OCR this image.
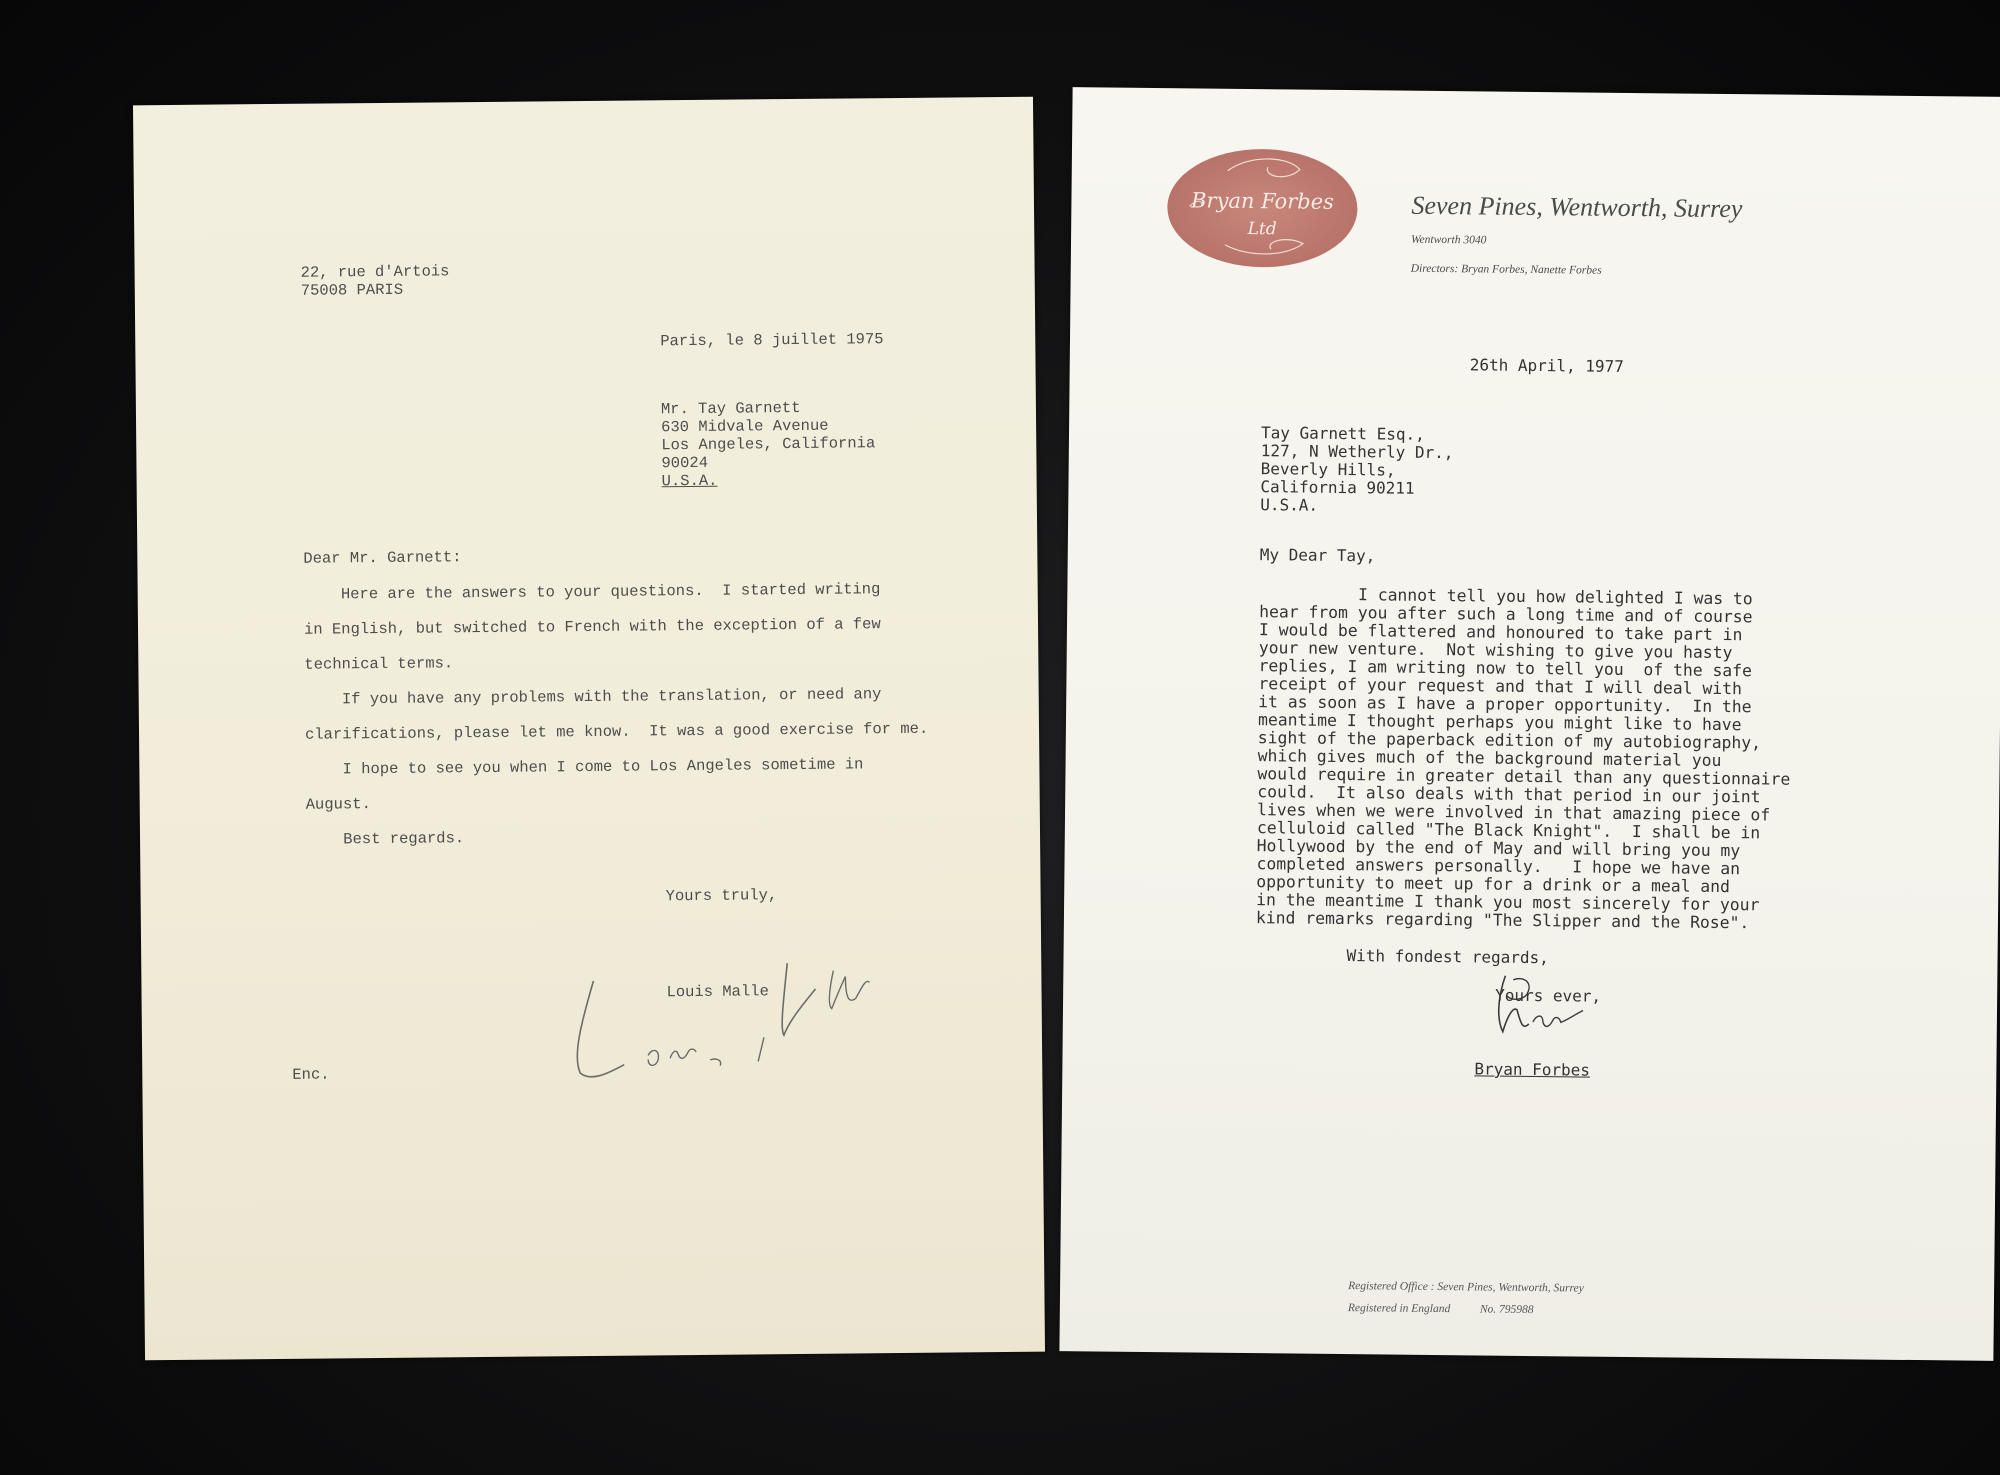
22, rue d'Artois
75008 PARIS
Paris, le 8 juillet 1975
Mr. Tay Garnett
630 Midvale Avenue
Los Angeles, California
90024
U.S.A.
Dear Mr. Garnett:
Here are the answers to your questions.  I started writing
in English, but switched to French with the exception of a few
technical terms.
If you have any problems with the translation, or need any
clarifications, please let me know.  It was a good exercise for me.
I hope to see you when I come to Los Angeles sometime in
August.
Best regards.
Yours truly,
Louis Malle
Enc.
Bryan Forbes
Ltd
Seven Pines, Wentworth, Surrey
Wentworth 3040
Directors: Bryan Forbes, Nanette Forbes
26th April, 1977
Tay Garnett Esq.,
127, N Wetherly Dr.,
Beverly Hills,
California 90211
U.S.A.
My Dear Tay,
I cannot tell you how delighted I was to
hear from you after such a long time and of course
I would be flattered and honoured to take part in
your new venture.  Not wishing to give you hasty
replies, I am writing now to tell you  of the safe
receipt of your request and that I will deal with
it as soon as I have a proper opportunity.  In the
meantime I thought perhaps you might like to have
sight of the paperback edition of my autobiography,
which gives much of the background material you
would require in greater detail than any questionnaire
could.  It also deals with that period in our joint
lives when we were involved in that amazing piece of
celluloid called "The Black Knight".  I shall be in
Hollywood by the end of May and will bring you my
completed answers personally.   I hope we have an
opportunity to meet up for a drink or a meal and
in the meantime I thank you most sincerely for your
kind remarks regarding "The Slipper and the Rose".
With fondest regards,
Yours ever,
Bryan Forbes
Registered Office : Seven Pines, Wentworth, Surrey
Registered in England	No. 795988
